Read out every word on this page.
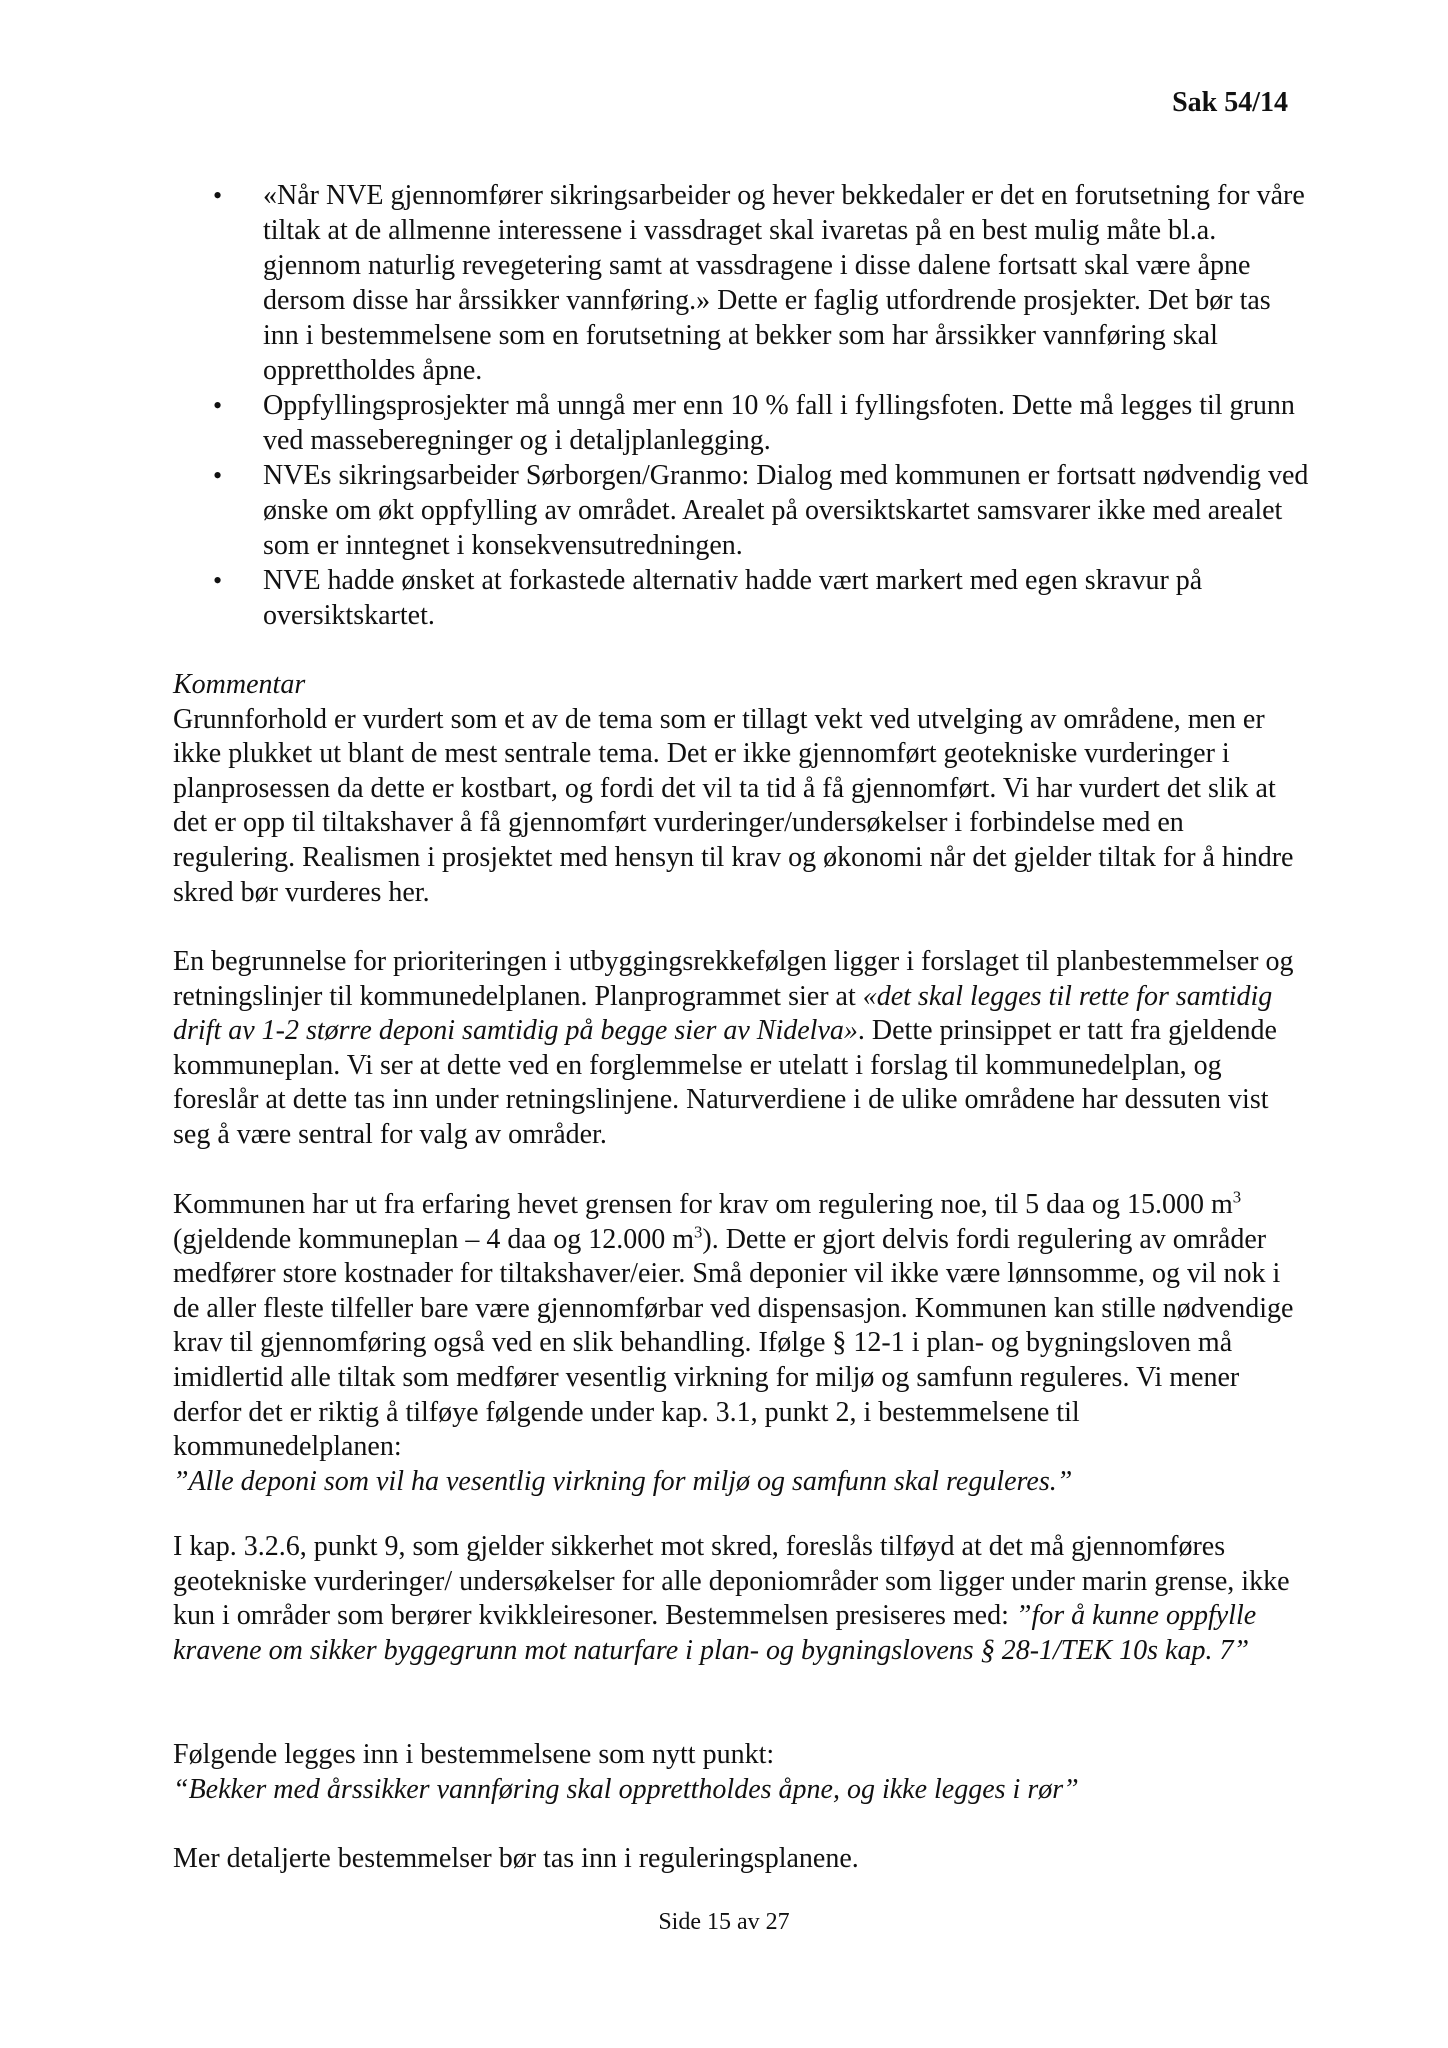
Sak 54/14
• «Når NVE gjennomfører sikringsarbeider og hever bekkedaler er det en forutsetning for våre tiltak at de allmenne interessene i vassdraget skal ivaretas på en best mulig måte bl.a. gjennom naturlig revegetering samt at vassdragene i disse dalene fortsatt skal være åpne dersom disse har årssikker vannføring.» Dette er faglig utfordrende prosjekter. Det bør tas inn i bestemmelsene som en forutsetning at bekker som har årssikker vannføring skal opprettholdes åpne.
• Oppfyllingsprosjekter må unngå mer enn 10 % fall i fyllingsfoten. Dette må legges til grunn ved masseberegninger og i detaljplanlegging.
• NVEs sikringsarbeider Sørborgen/Granmo: Dialog med kommunen er fortsatt nødvendig ved ønske om økt oppfylling av området. Arealet på oversiktskartet samsvarer ikke med arealet som er inntegnet i konsekvensutredningen.
• NVE hadde ønsket at forkastede alternativ hadde vært markert med egen skravur på oversiktskartet.

Kommentar

Grunnforhold er vurdert som et av de tema som er tillagt vekt ved utvelging av områdene, men er ikke plukket ut blant de mest sentrale tema. Det er ikke gjennomført geotekniske vurderinger i planprosessen da dette er kostbart, og fordi det vil ta tid å få gjennomført. Vi har vurdert det slik at det er opp til tiltakshaver å få gjennomført vurderinger/undersøkelser i forbindelse med en regulering. Realismen i prosjektet med hensyn til krav og økonomi når det gjelder tiltak for å hindre skred bør vurderes her.

En begrunnelse for prioriteringen i utbyggingsrekkefølgen ligger i forslaget til planbestemmelser og retningslinjer til kommunedelplanen. Planprogrammet sier at «det skal legges til rette for samtidig drift av 1-2 større deponi samtidig på begge sier av Nidelva». Dette prinsippet er tatt fra gjeldende kommuneplan. Vi ser at dette ved en forglemmelse er utelatt i forslag til kommunedelplan, og foreslår at dette tas inn under retningslinjene. Naturverdiene i de ulike områdene har dessuten vist seg å være sentral for valg av områder.

Kommunen har ut fra erfaring hevet grensen for krav om regulering noe, til 5 daa og 15.000 $m^3$ (gjeldende kommuneplan – 4 daa og 12.000 $m^3$). Dette er gjort delvis fordi regulering av områder medfører store kostnader for tiltakshaver/eier. Små deponier vil ikke være lønnsomme, og vil nok i de aller fleste tilfeller bare være gjennomførbar ved dispensasjon. Kommunen kan stille nødvendige krav til gjennomføring også ved en slik behandling. Ifølge § 12-1 i plan- og bygningsloven må imidlertid alle tiltak som medfører vesentlig virkning for miljø og samfunn reguleres. Vi mener derfor det er riktig å tilføye følgende under kap. 3.1, punkt 2, i bestemmelsene til kommunedelplanen:

”Alle deponi som vil ha vesentlig virkning for miljø og samfunn skal reguleres.”

I kap. 3.2.6, punkt 9, som gjelder sikkerhet mot skred, foreslås tilføyd at det må gjennomføres geotekniske vurderinger/ undersøkelser for alle deponiområder som ligger under marin grense, ikke kun i områder som berører kvikkleiresoner. Bestemmelsen presiseres med: ”for å kunne oppfylle kravene om sikker byggegrunn mot naturfare i plan- og bygningslovens § 28-1/TEK 10s kap. 7”

Følgende legges inn i bestemmelsene som nytt punkt:

“Bekker med årssikker vannføring skal opprettholdes åpne, og ikke legges i rør”

Mer detaljerte bestemmelser bør tas inn i reguleringsplanene.

Side 15 av 27
